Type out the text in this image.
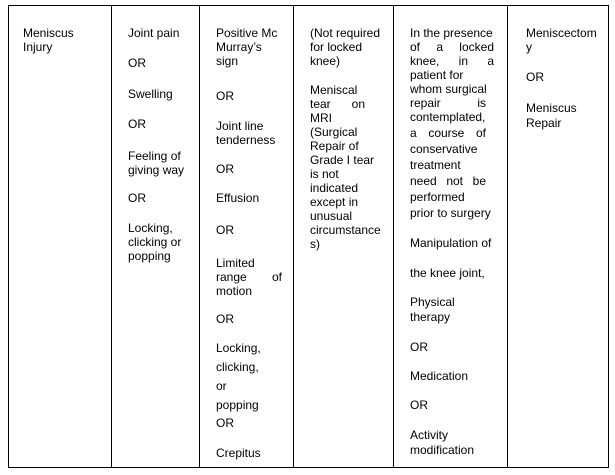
Meniscus
Injury
Joint pain
OR
Swelling
OR
Feeling of
giving way
OR
Locking,
clicking or
popping
Positive Mc
Murray’s
sign
OR
Joint line
tenderness
OR
Effusion
OR
Limited
range of
motion
OR
Locking,
clicking,
or
popping
OR
Crepitus
(Not required
for locked
knee)
Meniscal
tear on
MRI
(Surgical
Repair of
Grade I tear
is not
indicated
except in
unusual
circumstance
s)
In the presence
of a locked
knee, in a
patient for
whom surgical
repair is
contemplated,
a course of
conservative
treatment
need not be
performed
prior to surgery
Manipulation of
the knee joint,
Physical
therapy
OR
Medication
OR
Activity
modification
Meniscectom
y
OR
Meniscus
Repair
